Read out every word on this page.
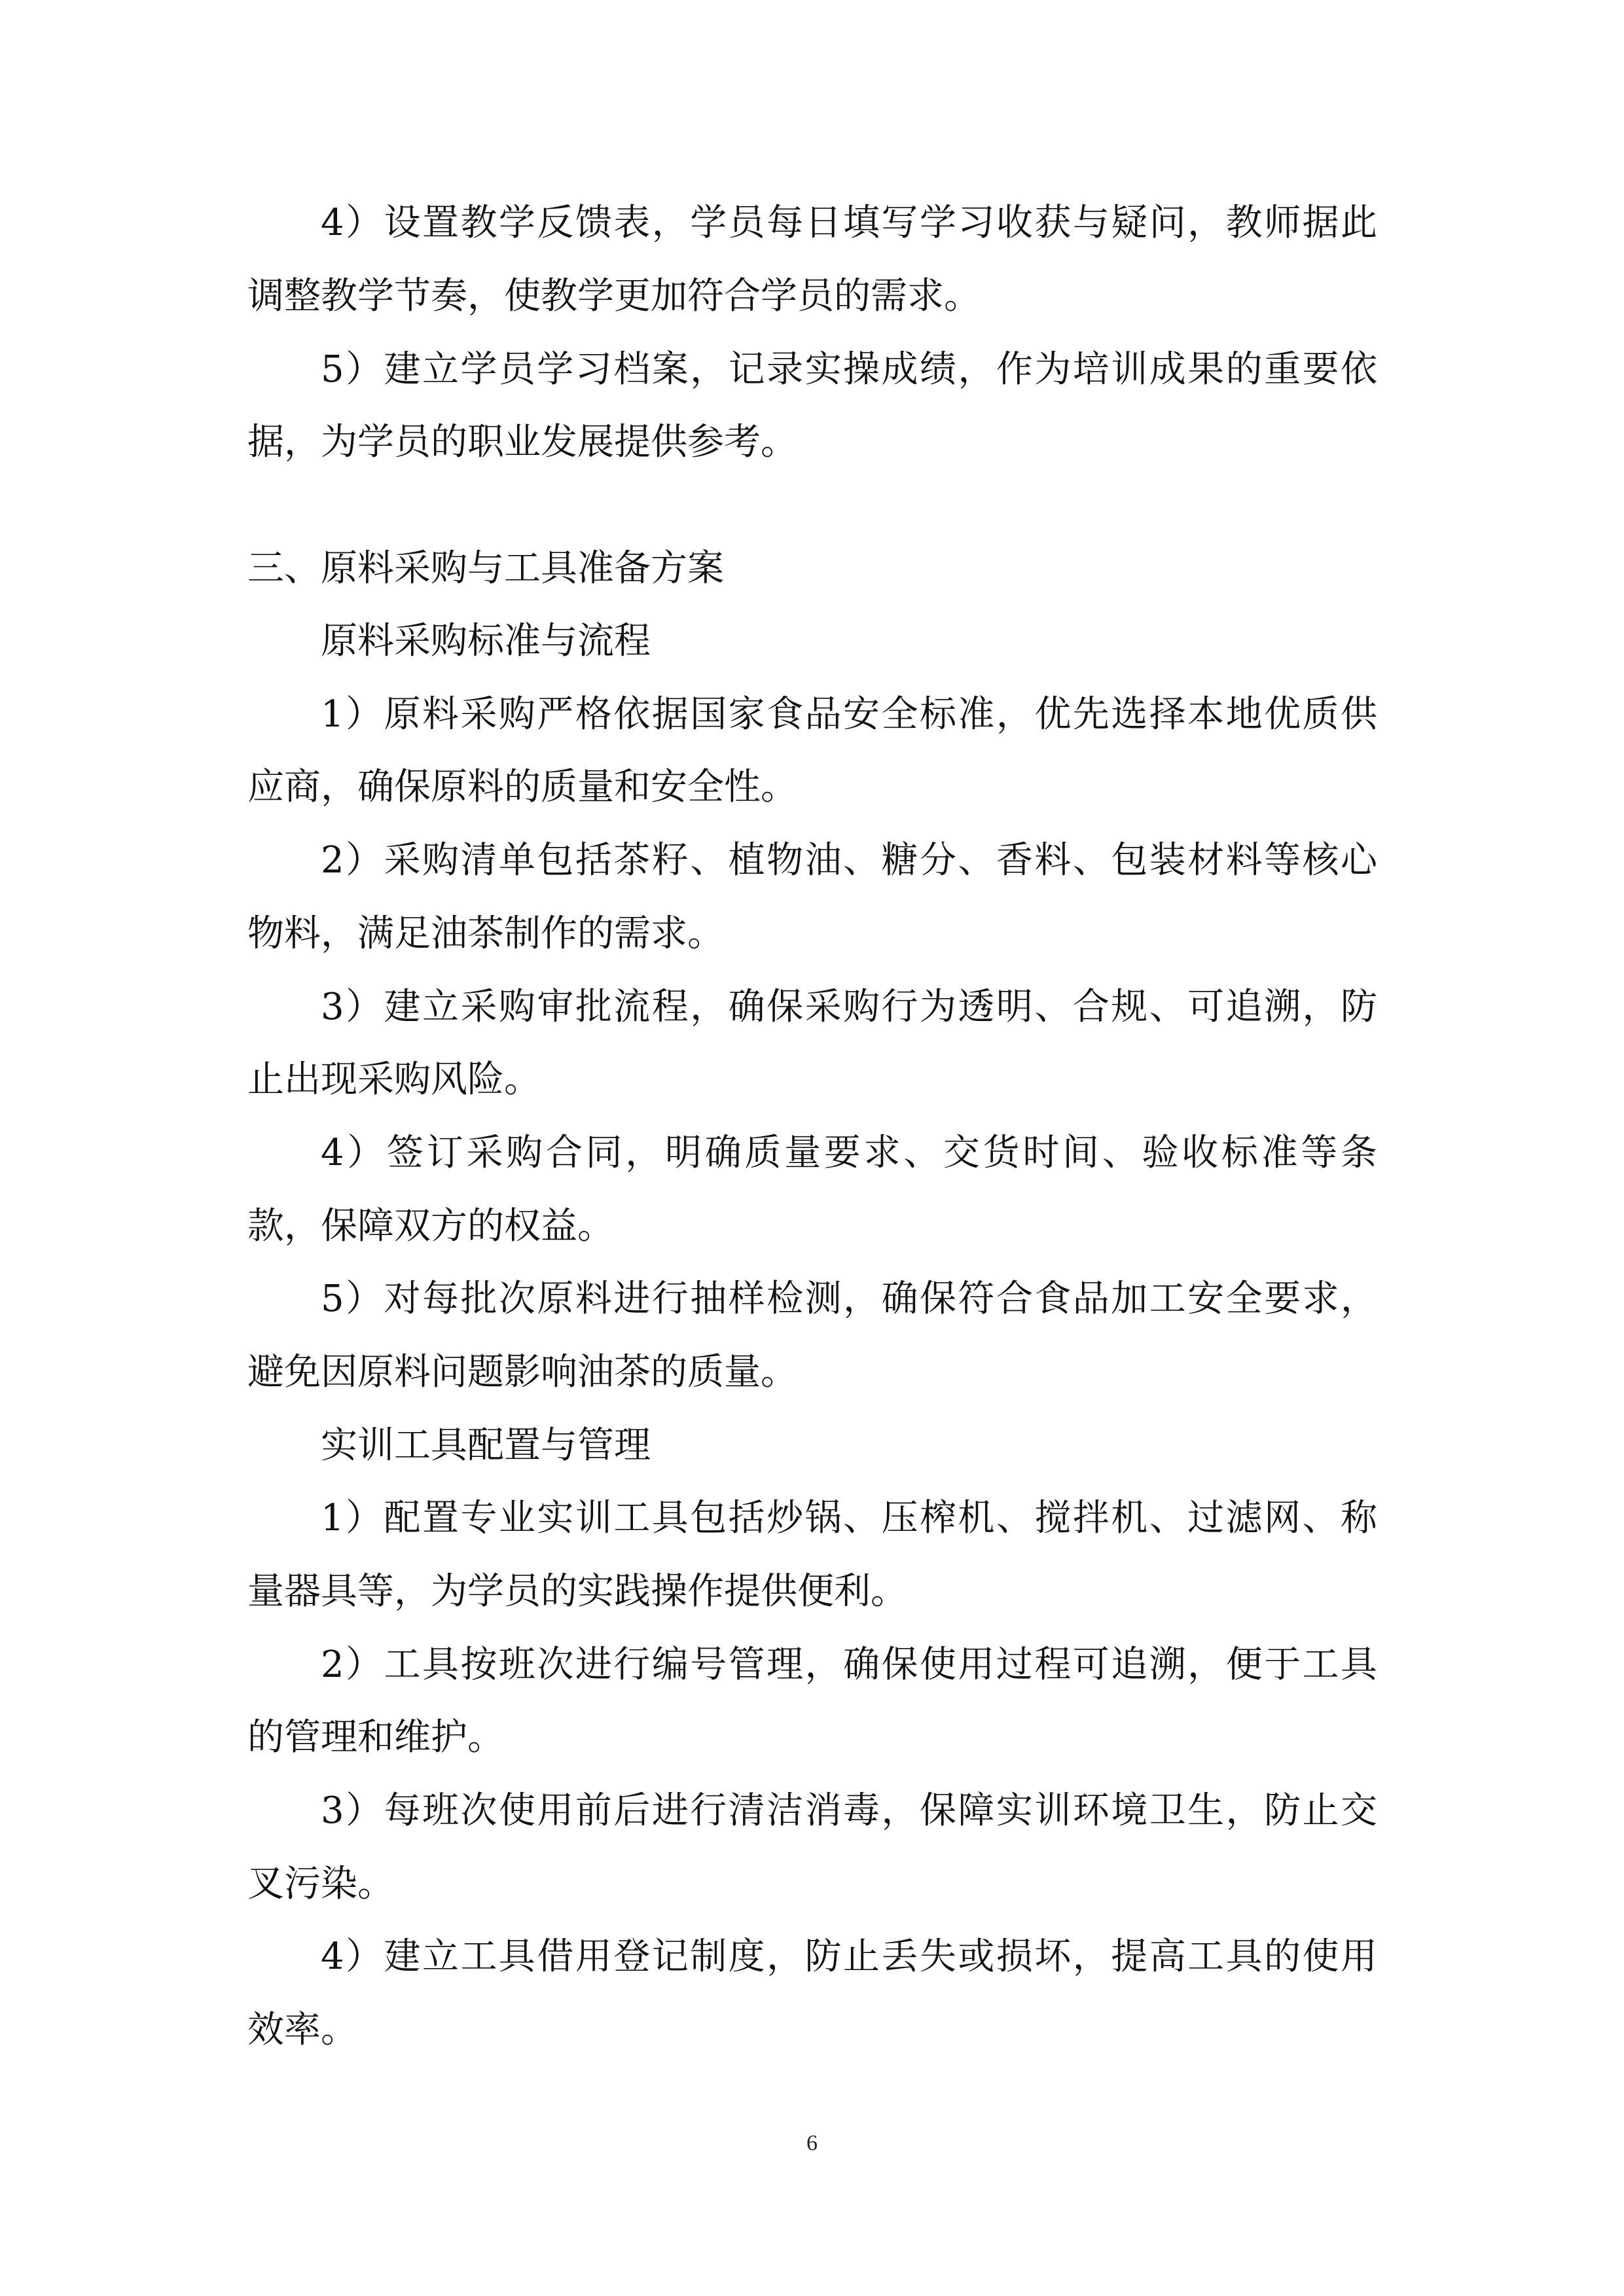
4）设置教学反馈表，学员每日填写学习收获与疑问，教师据此

调整教学节奏，使教学更加符合学员的需求。

5）建立学员学习档案，记录实操成绩，作为培训成果的重要依

据，为学员的职业发展提供参考。

三、原料采购与工具准备方案

原料采购标准与流程

1）原料采购严格依据国家食品安全标准，优先选择本地优质供

应商，确保原料的质量和安全性。

2）采购清单包括茶籽、植物油、糖分、香料、包装材料等核心

物料，满足油茶制作的需求。

3）建立采购审批流程，确保采购行为透明、合规、可追溯，防

止出现采购风险。

4）签订采购合同，明确质量要求、交货时间、验收标准等条

款，保障双方的权益。

5）对每批次原料进行抽样检测，确保符合食品加工安全要求，

避免因原料问题影响油茶的质量。

实训工具配置与管理

1）配置专业实训工具包括炒锅、压榨机、搅拌机、过滤网、称

量器具等，为学员的实践操作提供便利。

2）工具按班次进行编号管理，确保使用过程可追溯，便于工具

的管理和维护。

3）每班次使用前后进行清洁消毒，保障实训环境卫生，防止交

叉污染。

4）建立工具借用登记制度，防止丢失或损坏，提高工具的使用

效率。

6
